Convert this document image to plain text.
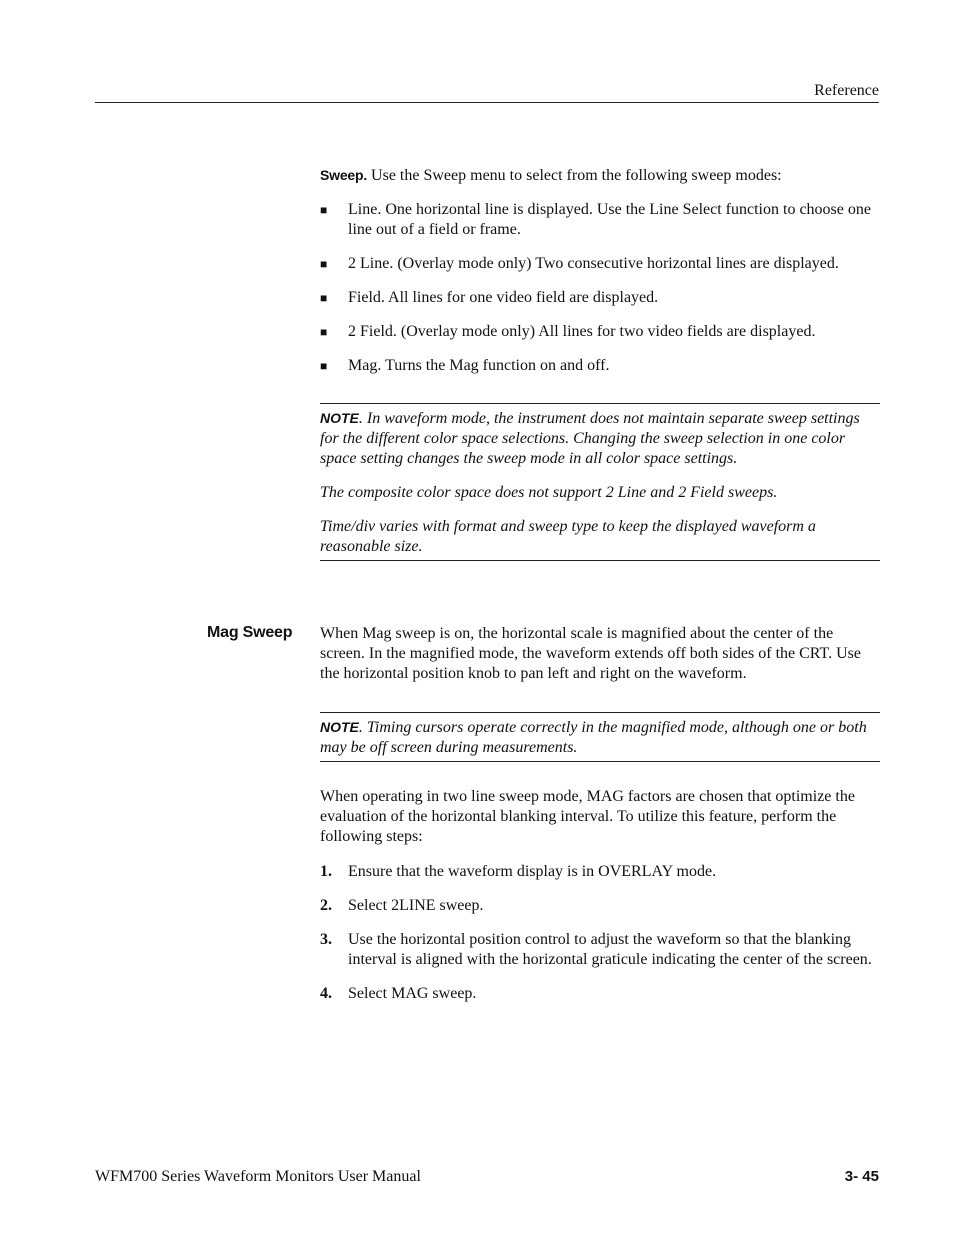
Reference

Sweep. Use the Sweep menu to select from the following sweep modes:

■ Line. One horizontal line is displayed. Use the Line Select function to choose one line out of a field or frame.

■ 2 Line. (Overlay mode only) Two consecutive horizontal lines are displayed.

■ Field. All lines for one video field are displayed.

■ 2 Field. (Overlay mode only) All lines for two video fields are displayed.

■ Mag. Turns the Mag function on and off.

NOTE. In waveform mode, the instrument does not maintain separate sweep settings for the different color space selections. Changing the sweep selection in one color space setting changes the sweep mode in all color space settings.

The composite color space does not support 2 Line and 2 Field sweeps.

Time/div varies with format and sweep type to keep the displayed waveform a reasonable size.

Mag Sweep When Mag sweep is on, the horizontal scale is magnified about the center of the screen. In the magnified mode, the waveform extends off both sides of the CRT. Use the horizontal position knob to pan left and right on the waveform.

NOTE. Timing cursors operate correctly in the magnified mode, although one or both may be off screen during measurements.

When operating in two line sweep mode, MAG factors are chosen that optimize the evaluation of the horizontal blanking interval. To utilize this feature, perform the following steps:

1. Ensure that the waveform display is in OVERLAY mode.

2. Select 2LINE sweep.

3. Use the horizontal position control to adjust the waveform so that the blanking interval is aligned with the horizontal graticule indicating the center of the screen.

4. Select MAG sweep.

WFM700 Series Waveform Monitors User Manual	3- 45
